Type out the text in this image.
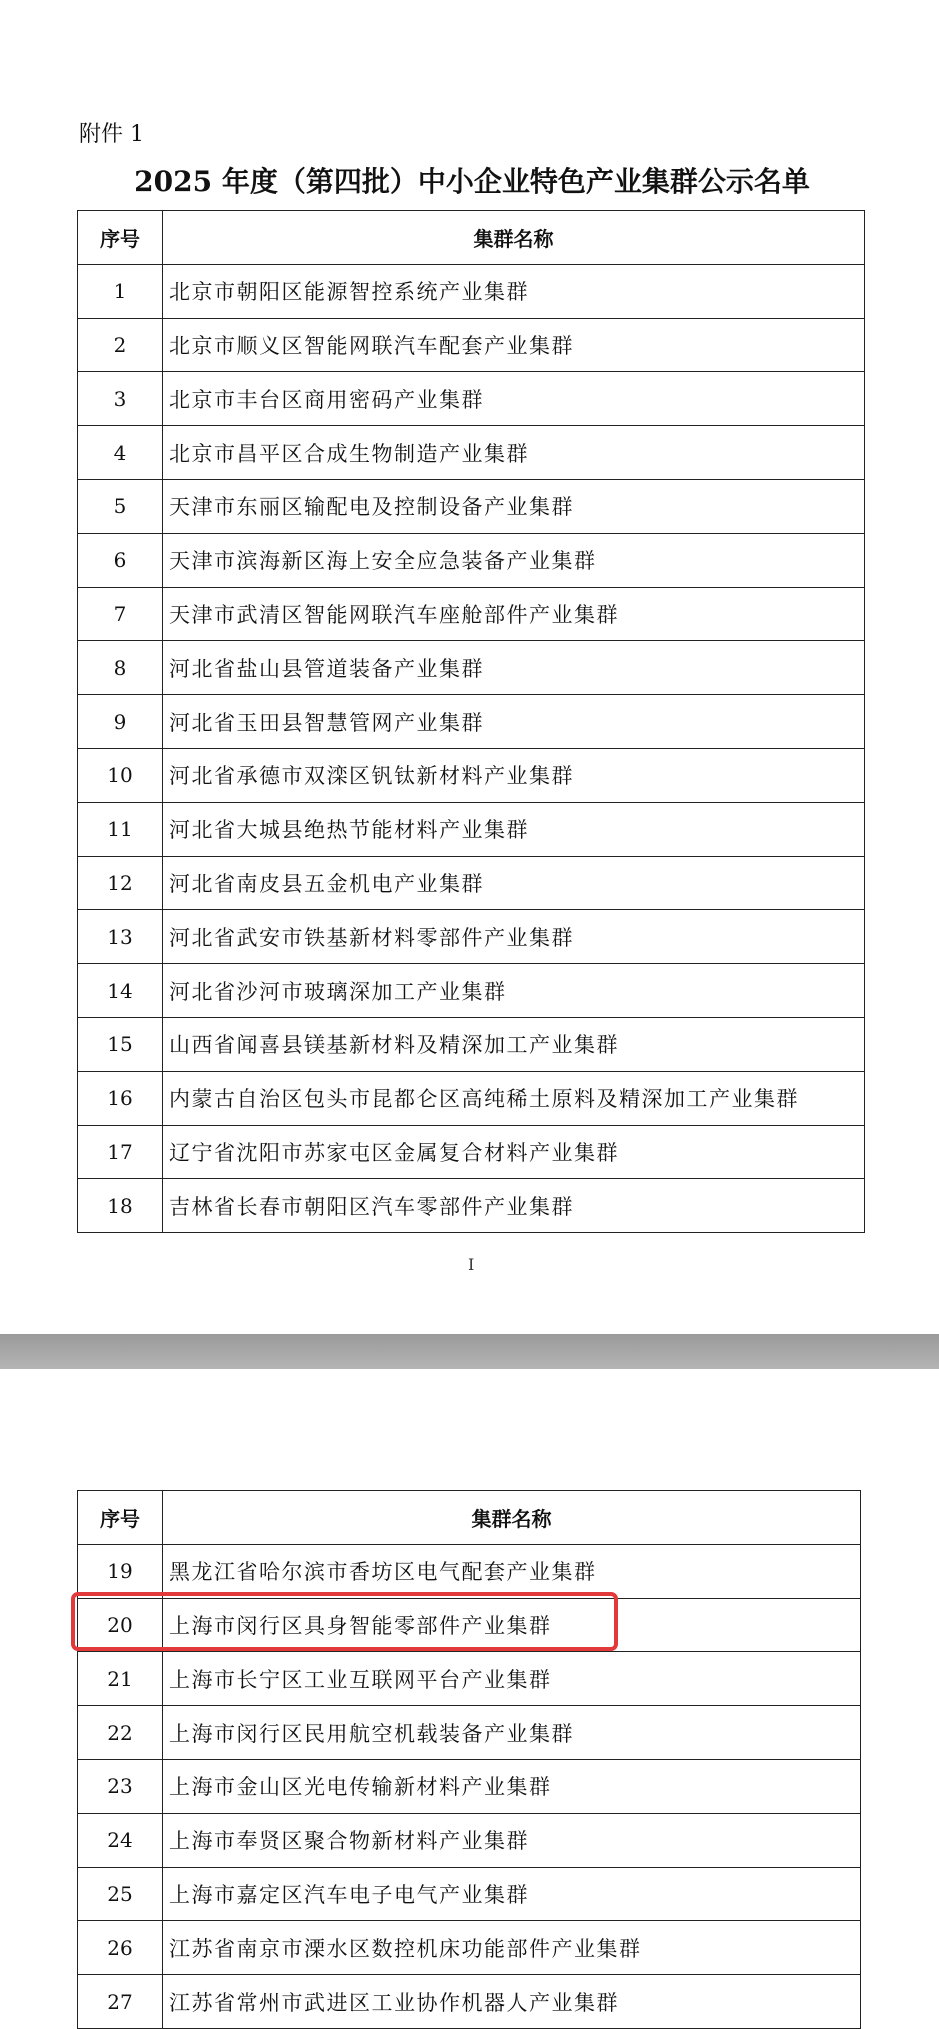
附件 1
2025 年度（第四批）中小企业特色产业集群公示名单
序号	集群名称
1	北京市朝阳区能源智控系统产业集群
2	北京市顺义区智能网联汽车配套产业集群
3	北京市丰台区商用密码产业集群
4	北京市昌平区合成生物制造产业集群
5	天津市东丽区输配电及控制设备产业集群
6	天津市滨海新区海上安全应急装备产业集群
7	天津市武清区智能网联汽车座舱部件产业集群
8	河北省盐山县管道装备产业集群
9	河北省玉田县智慧管网产业集群
10	河北省承德市双滦区钒钛新材料产业集群
11	河北省大城县绝热节能材料产业集群
12	河北省南皮县五金机电产业集群
13	河北省武安市铁基新材料零部件产业集群
14	河北省沙河市玻璃深加工产业集群
15	山西省闻喜县镁基新材料及精深加工产业集群
16	内蒙古自治区包头市昆都仑区高纯稀土原料及精深加工产业集群
17	辽宁省沈阳市苏家屯区金属复合材料产业集群
18	吉林省长春市朝阳区汽车零部件产业集群
I
序号	集群名称
19	黑龙江省哈尔滨市香坊区电气配套产业集群
20	上海市闵行区具身智能零部件产业集群
21	上海市长宁区工业互联网平台产业集群
22	上海市闵行区民用航空机载装备产业集群
23	上海市金山区光电传输新材料产业集群
24	上海市奉贤区聚合物新材料产业集群
25	上海市嘉定区汽车电子电气产业集群
26	江苏省南京市溧水区数控机床功能部件产业集群
27	江苏省常州市武进区工业协作机器人产业集群
